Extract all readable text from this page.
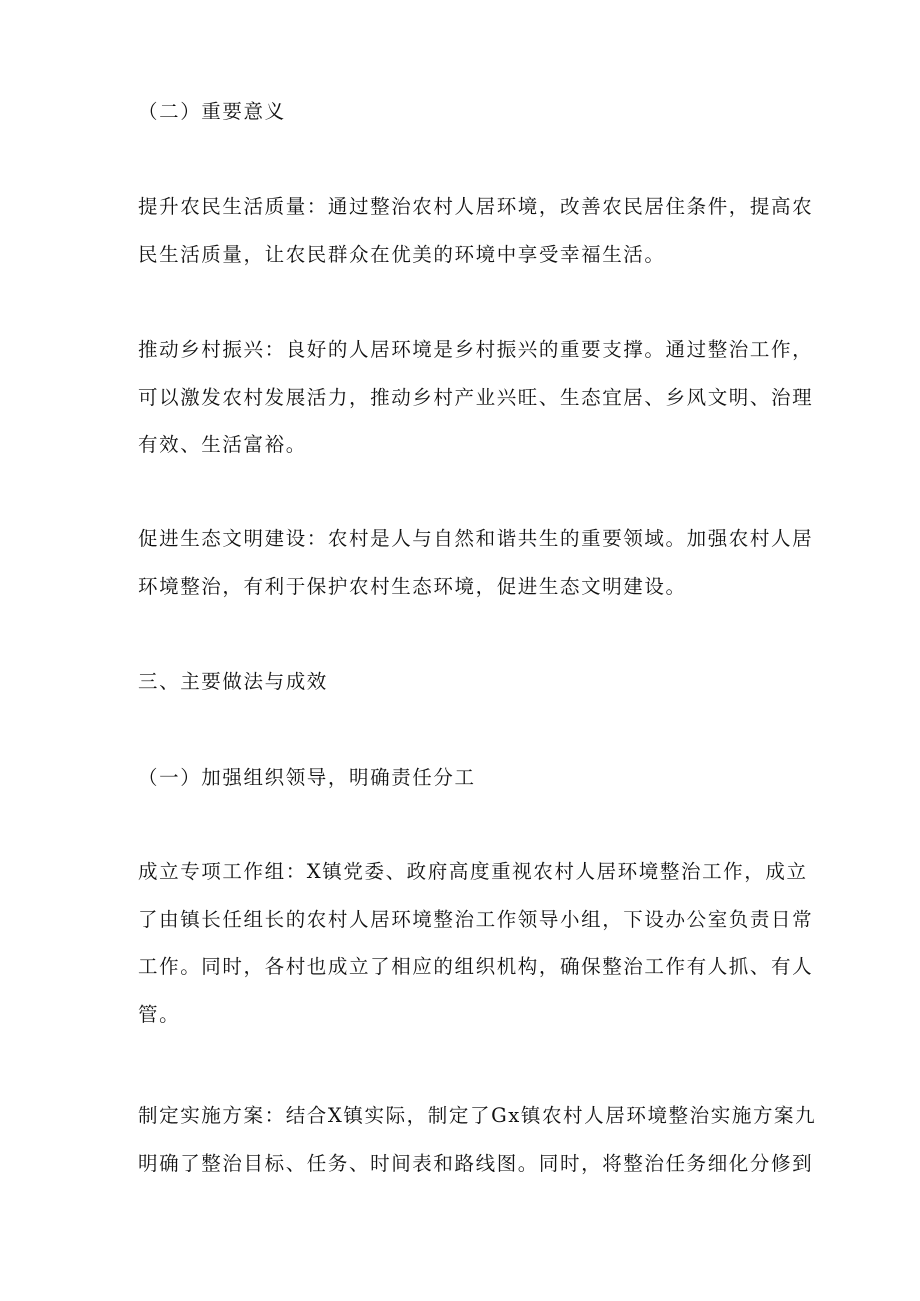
（二）重要意义
提升农民生活质量：通过整治农村人居环境，改善农民居住条件，提高农
民生活质量，让农民群众在优美的环境中享受幸福生活。
推动乡村振兴：良好的人居环境是乡村振兴的重要支撑。通过整治工作，
可以激发农村发展活力，推动乡村产业兴旺、生态宜居、乡风文明、治理
有效、生活富裕。
促进生态文明建设：农村是人与自然和谐共生的重要领域。加强农村人居
环境整治，有利于保护农村生态环境，促进生态文明建设。
三、主要做法与成效
（一）加强组织领导，明确责任分工
成立专项工作组：X镇党委、政府高度重视农村人居环境整治工作，成立
了由镇长任组长的农村人居环境整治工作领导小组，下设办公室负责日常
工作。同时，各村也成立了相应的组织机构，确保整治工作有人抓、有人
管。
制定实施方案：结合X镇实际，制定了Gx镇农村人居环境整治实施方案九
明确了整治目标、任务、时间表和路线图。同时，将整治任务细化分修到
